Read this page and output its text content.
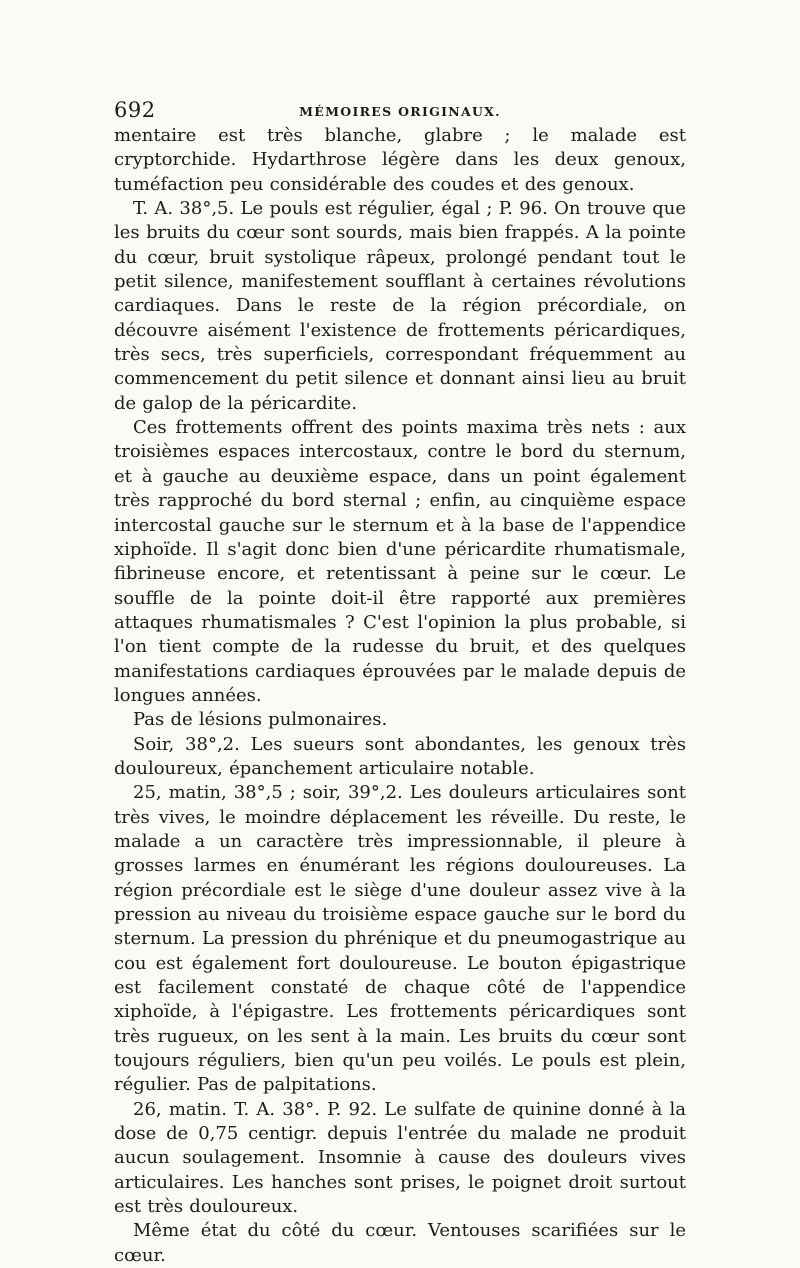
692	MÉMOIRES ORIGINAUX.

mentaire est très blanche, glabre ; le malade est cryptorchide. Hydarthrose légère dans les deux genoux, tuméfaction peu considérable des coudes et des genoux.

T. A. 38°,5. Le pouls est régulier, égal ; P. 96. On trouve que les bruits du cœur sont sourds, mais bien frappés. A la pointe du cœur, bruit systolique râpeux, prolongé pendant tout le petit silence, manifestement soufflant à certaines révolutions cardiaques. Dans le reste de la région précordiale, on découvre aisément l'existence de frottements péricardiques, très secs, très superficiels, correspondant fréquemment au commencement du petit silence et donnant ainsi lieu au bruit de galop de la péricardite.

Ces frottements offrent des points maxima très nets : aux troisièmes espaces intercostaux, contre le bord du sternum, et à gauche au deuxième espace, dans un point également très rapproché du bord sternal ; enfin, au cinquième espace intercostal gauche sur le sternum et à la base de l'appendice xiphoïde. Il s'agit donc bien d'une péricardite rhumatismale, fibrineuse encore, et retentissant à peine sur le cœur. Le souffle de la pointe doit-il être rapporté aux premières attaques rhumatismales ? C'est l'opinion la plus probable, si l'on tient compte de la rudesse du bruit, et des quelques manifestations cardiaques éprouvées par le malade depuis de longues années.

Pas de lésions pulmonaires.

Soir, 38°,2. Les sueurs sont abondantes, les genoux très douloureux, épanchement articulaire notable.

25, matin, 38°,5 ; soir, 39°,2. Les douleurs articulaires sont très vives, le moindre déplacement les réveille. Du reste, le malade a un caractère très impressionnable, il pleure à grosses larmes en énumérant les régions douloureuses. La région précordiale est le siège d'une douleur assez vive à la pression au niveau du troisième espace gauche sur le bord du sternum. La pression du phrénique et du pneumogastrique au cou est également fort douloureuse. Le bouton épigastrique est facilement constaté de chaque côté de l'appendice xiphoïde, à l'épigastre. Les frottements péricardiques sont très rugueux, on les sent à la main. Les bruits du cœur sont toujours réguliers, bien qu'un peu voilés. Le pouls est plein, régulier. Pas de palpitations.

26, matin. T. A. 38°. P. 92. Le sulfate de quinine donné à la dose de 0,75 centigr. depuis l'entrée du malade ne produit aucun soulagement. Insomnie à cause des douleurs vives articulaires. Les hanches sont prises, le poignet droit surtout est très douloureux.

Même état du côté du cœur. Ventouses scarifiées sur le cœur.
